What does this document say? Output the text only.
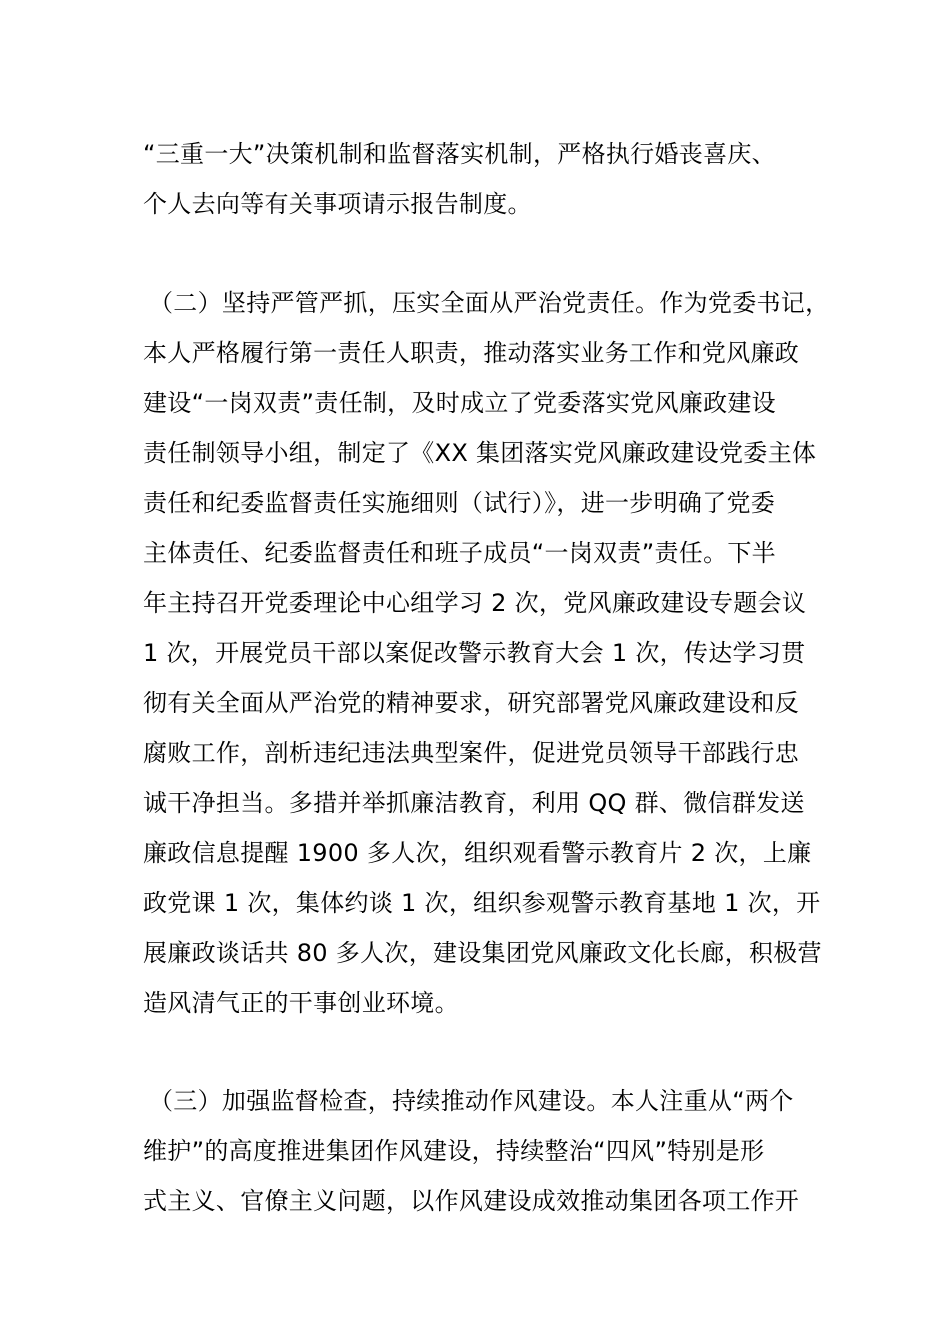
“三重一大”决策机制和监督落实机制，严格执行婚丧喜庆、
个人去向等有关事项请示报告制度。
（二）坚持严管严抓，压实全面从严治党责任。作为党委书记，
本人严格履行第一责任人职责，推动落实业务工作和党风廉政
建设“一岗双责”责任制，及时成立了党委落实党风廉政建设
责任制领导小组，制定了《XX 集团落实党风廉政建设党委主体
责任和纪委监督责任实施细则（试行）》，进一步明确了党委
主体责任、纪委监督责任和班子成员“一岗双责”责任。下半
年主持召开党委理论中心组学习 2 次，党风廉政建设专题会议
1 次，开展党员干部以案促改警示教育大会 1 次，传达学习贯
彻有关全面从严治党的精神要求，研究部署党风廉政建设和反
腐败工作，剖析违纪违法典型案件，促进党员领导干部践行忠
诚干净担当。多措并举抓廉洁教育，利用 QQ 群、微信群发送
廉政信息提醒 1900 多人次，组织观看警示教育片 2 次，上廉
政党课 1 次，集体约谈 1 次，组织参观警示教育基地 1 次，开
展廉政谈话共 80 多人次，建设集团党风廉政文化长廊，积极营
造风清气正的干事创业环境。
（三）加强监督检查，持续推动作风建设。本人注重从“两个
维护”的高度推进集团作风建设，持续整治“四风”特别是形
式主义、官僚主义问题，以作风建设成效推动集团各项工作开
